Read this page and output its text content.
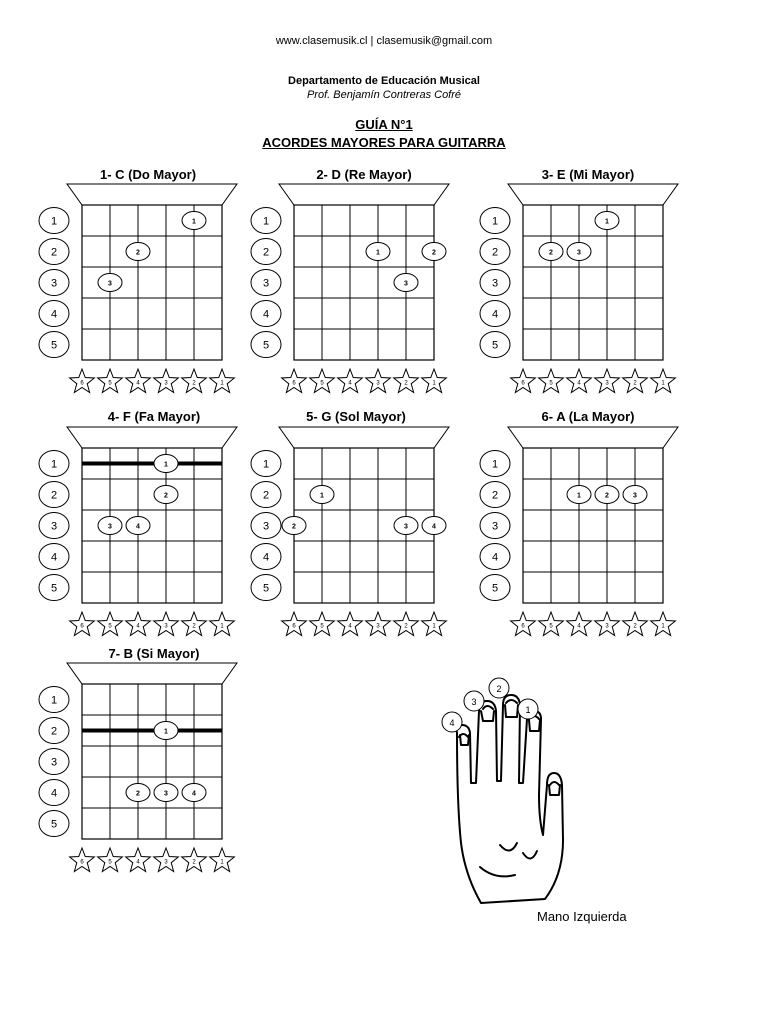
www.clasemusik.cl | clasemusik@gmail.com
Departamento de Educación Musical
Prof. Benjamín Contreras Cofré
GUÍA N°1
ACORDES MAYORES PARA GUITARRA
1- C (Do Mayor)	2- D (Re Mayor)	3- E (Mi Mayor)
4- F (Fa Mayor)	5- G (Sol Mayor)	6- A (La Mayor)
7- B (Si Mayor)
1
2
3
4
5
1
2
3
6	5	4	3	2	1
1
2
3
4
5
1	2
3
6	5	4	3	2	1
1
2
3
4
5
1
2	3
6	5	4	3	2	1
1
2
3
4
5
1
2
3	4
6	5	4	3	2	1
1
2
3
4
5
1
2	3	4
6	5	4	3	2	1
1
2
3
4
5
1	2	3
6	5	4	3	2	1
1
2
3
4
5
1
2	3	4
6	5	4	3	2	1
1
2
3
4
Mano Izquierda
